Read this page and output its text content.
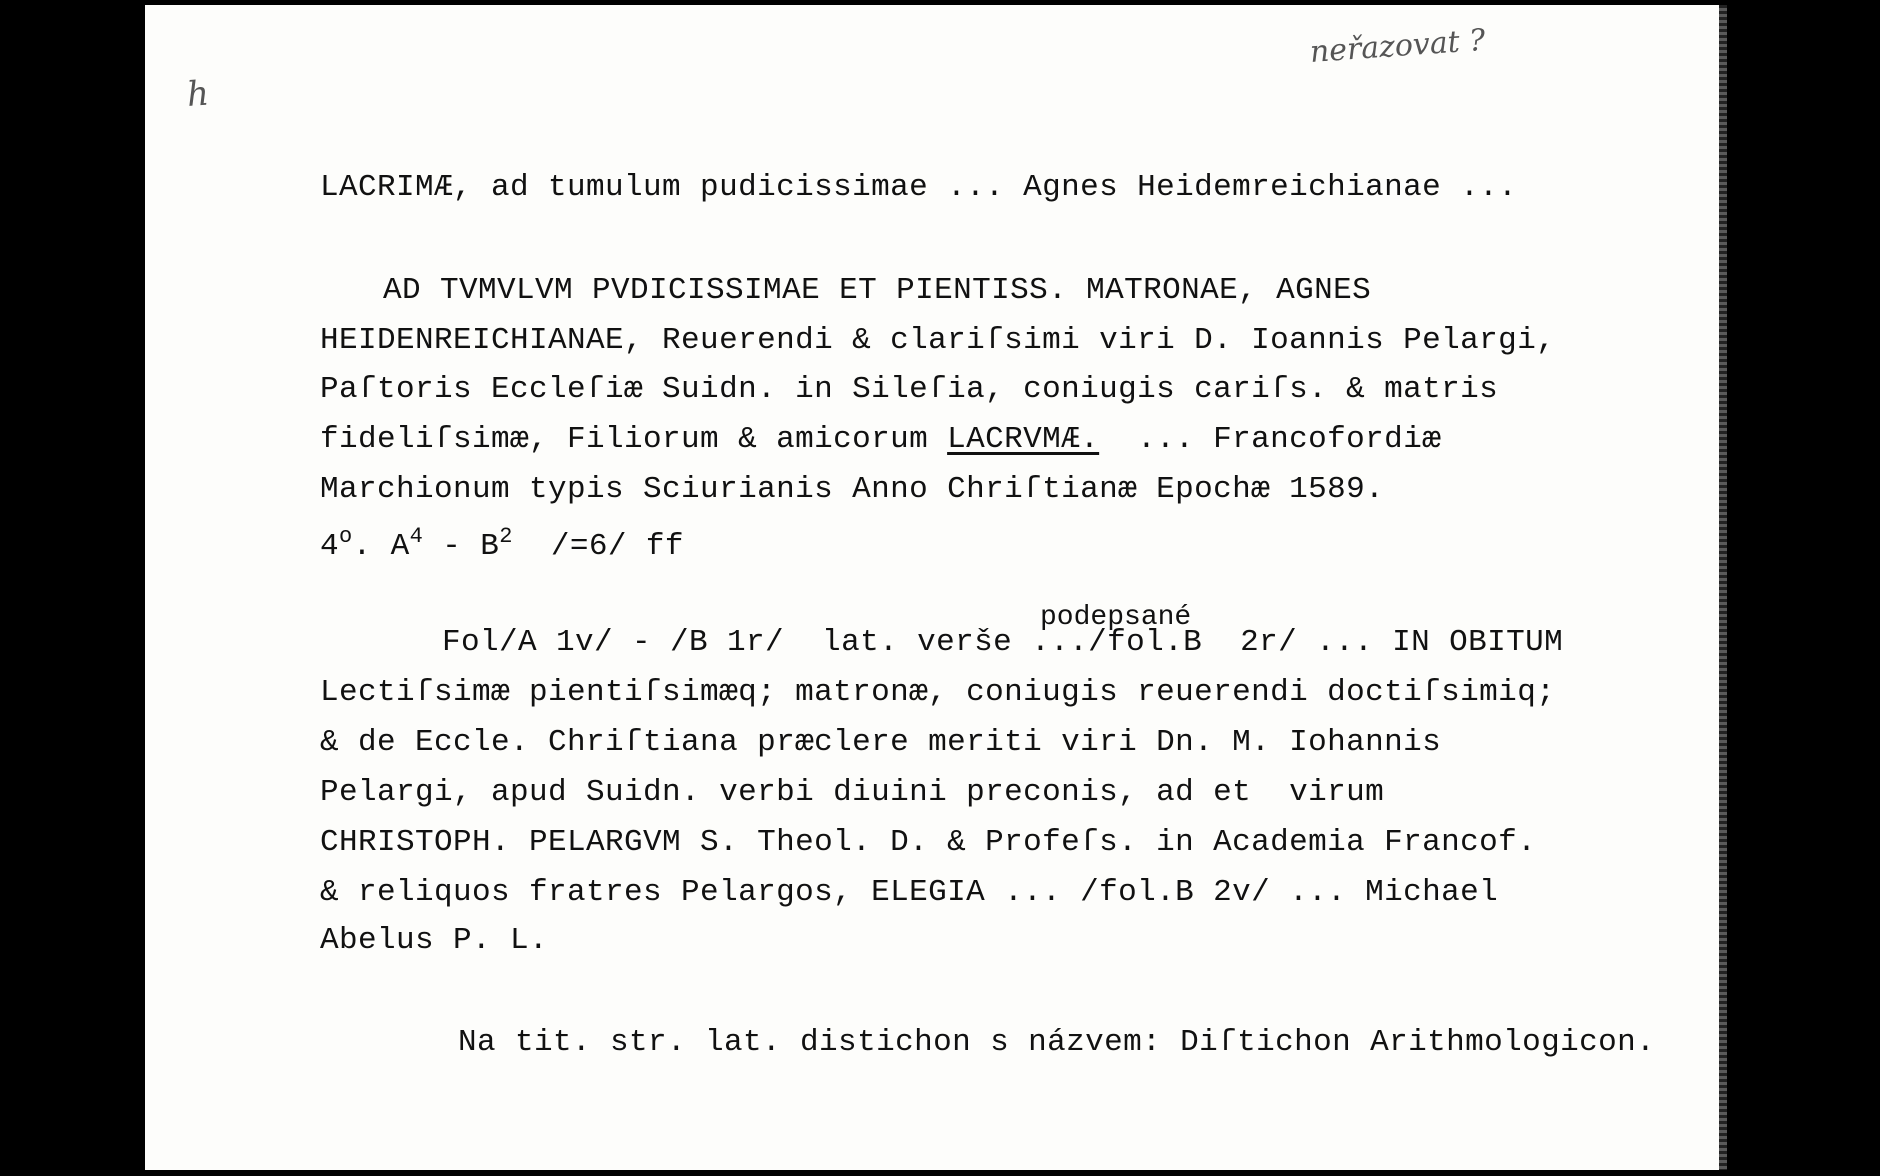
h
neřazovat ?
LACRIMÆ, ad tumulum pudicissimae ... Agnes Heidemreichianae ...
AD TVMVLVM PVDICISSIMAE ET PIENTISS. MATRONAE, AGNES
HEIDENREICHIANAE, Reuerendi & clariſsimi viri D. Ioannis Pelargi,
Paſtoris Eccleſiæ Suidn. in Sileſia, coniugis cariſs. & matris
fideliſsimæ, Filiorum & amicorum LACRVMÆ.  ... Francofordiæ
Marchionum typis Sciurianis Anno Chriſtianæ Epochæ 1589.
4$^o$. $A^4 - B^2$  /=6/ ff
podepsané
Fol/A 1v/ - /B 1r/  lat. verše .../fol.B  2r/ ... IN OBITUM
Lectiſsimæ pientiſsimæq; matronæ, coniugis reuerendi doctiſsimiq;
& de Eccle. Chriſtiana præclere meriti viri Dn. M. Iohannis
Pelargi, apud Suidn. verbi diuini preconis, ad et  virum
CHRISTOPH. PELARGVM S. Theol. D. & Profeſs. in Academia Francof.
& reliquos fratres Pelargos, ELEGIA ... /fol.B 2v/ ... Michael
Abelus P. L.
Na tit. str. lat. distichon s názvem: Diſtichon Arithmologicon.
